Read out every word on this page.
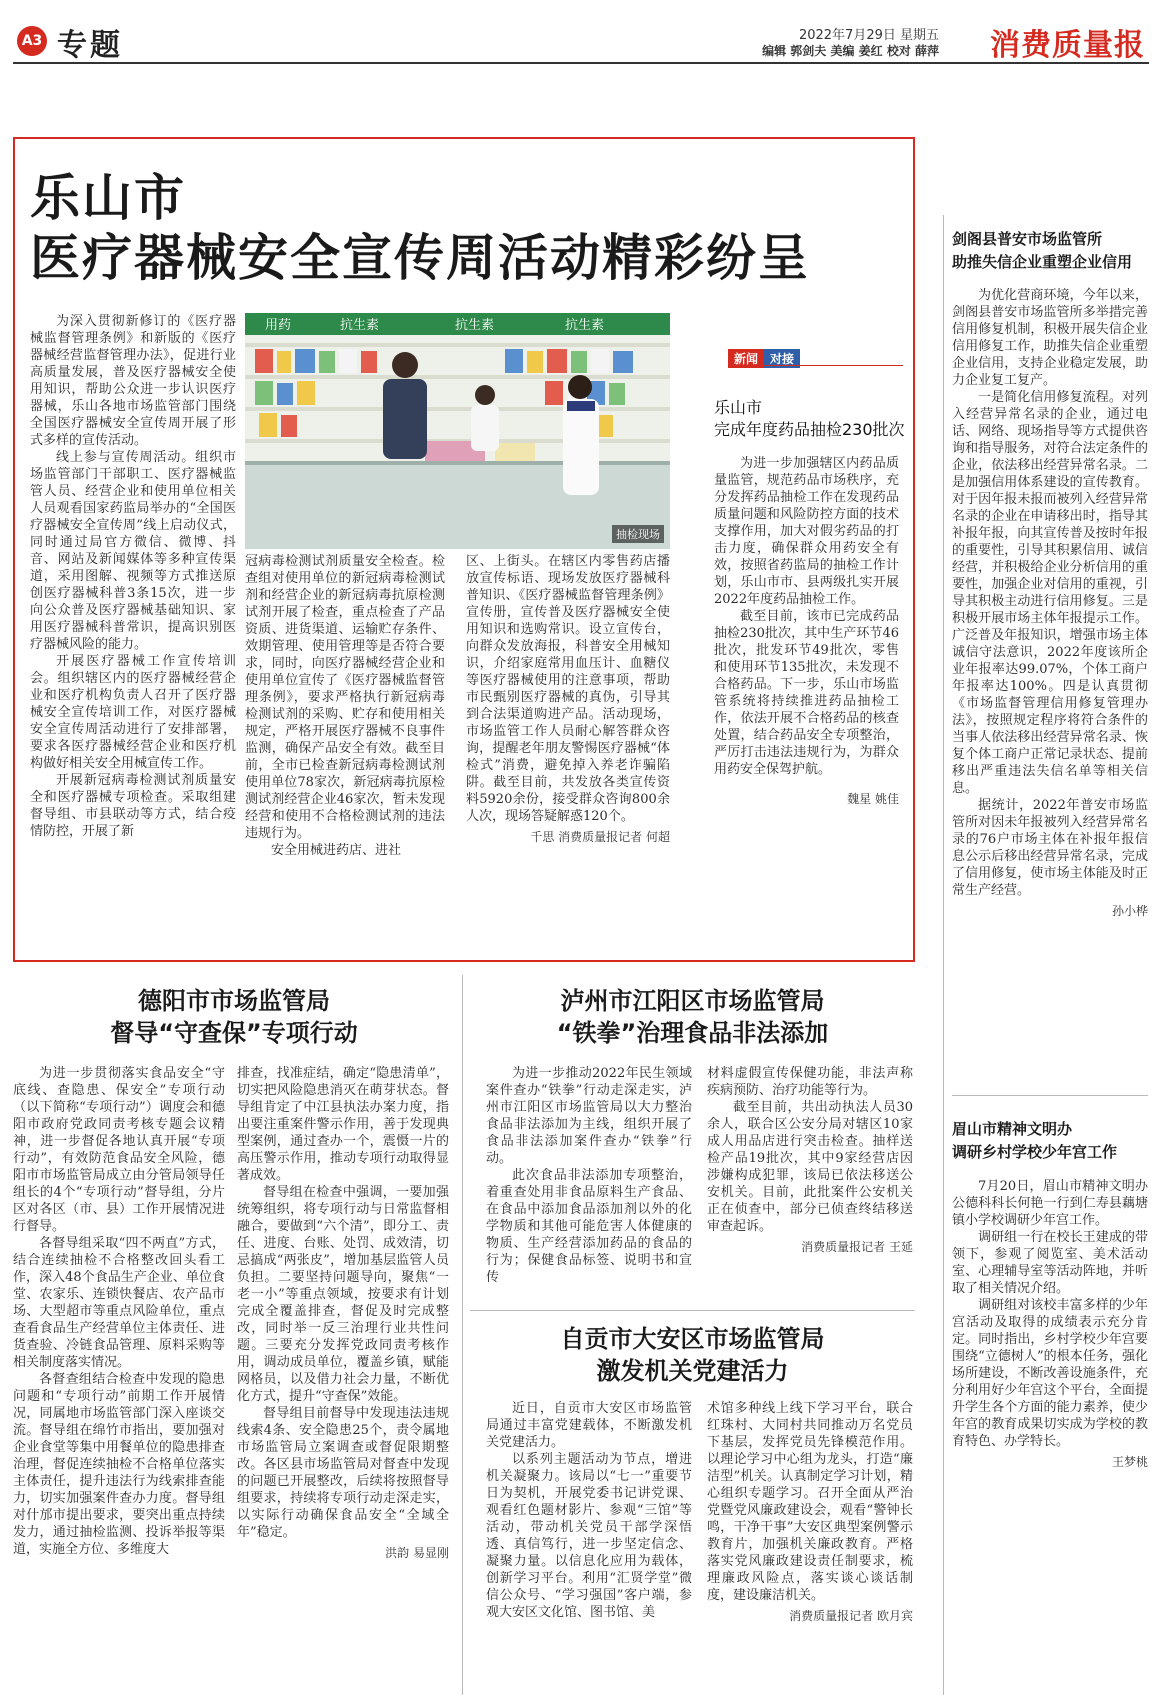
A3 专题	2022年7月29日 星期五
编辑 郭剑夫 美编 姜红 校对 薛萍 消费质量报
乐山市
医疗器械安全宣传周活动精彩纷呈

为深入贯彻新修订的《医疗器械监督管理条例》和新版的《医疗器械经营监督管理办法》，促进行业高质量发展，普及医疗器械安全使用知识，帮助公众进一步认识医疗器械，乐山各地市场监管部门围绕全国医疗器械安全宣传周开展了形式多样的宣传活动。

线上参与宣传周活动。组织市场监管部门干部职工、医疗器械监管人员、经营企业和使用单位相关人员观看国家药监局举办的“全国医疗器械安全宣传周”线上启动仪式，同时通过局官方微信、微博、抖音、网站及新闻媒体等多种宣传渠道，采用图解、视频等方式推送原创医疗器械科普3条15次，进一步向公众普及医疗器械基础知识、家用医疗器械科普常识，提高识别医疗器械风险的能力。

开展医疗器械工作宣传培训会。组织辖区内的医疗器械经营企业和医疗机构负责人召开了医疗器械安全宣传培训工作，对医疗器械安全宣传周活动进行了安排部署，要求各医疗器械经营企业和医疗机构做好相关安全用械宣传工作。

开展新冠病毒检测试剂质量安全和医疗器械专项检查。采取组建督导组、市县联动等方式，结合疫情防控，开展了新

用药	抗生素	抗生素	抗生素
抽检现场

冠病毒检测试剂质量安全检查。检查组对使用单位的新冠病毒检测试剂和经营企业的新冠病毒抗原检测试剂开展了检查，重点检查了产品资质、进货渠道、运输贮存条件、效期管理、使用管理等是否符合要求，同时，向医疗器械经营企业和使用单位宣传了《医疗器械监督管理条例》，要求严格执行新冠病毒检测试剂的采购、贮存和使用相关规定，严格开展医疗器械不良事件监测，确保产品安全有效。截至目前，全市已检查新冠病毒检测试剂使用单位78家次，新冠病毒抗原检测试剂经营企业46家次，暂未发现经营和使用不合格检测试剂的违法违规行为。

安全用械进药店、进社

区、上街头。在辖区内零售药店播放宣传标语、现场发放医疗器械科普知识、《医疗器械监督管理条例》宣传册，宣传普及医疗器械安全使用知识和选购常识。设立宣传台，向群众发放海报，科普安全用械知识，介绍家庭常用血压计、血糖仪等医疗器械使用的注意事项，帮助市民甄别医疗器械的真伪，引导其到合法渠道购进产品。活动现场，市场监管工作人员耐心解答群众咨询，提醒老年朋友警惕医疗器械“体检式”消费，避免掉入养老诈骗陷阱。截至目前，共发放各类宣传资料5920余份，接受群众咨询800余人次，现场答疑解惑120个。

千思 消费质量报记者 何超
新闻 对接
乐山市
完成年度药品抽检230批次

为进一步加强辖区内药品质量监管，规范药品市场秩序，充分发挥药品抽检工作在发现药品质量问题和风险防控方面的技术支撑作用，加大对假劣药品的打击力度，确保群众用药安全有效，按照省药监局的抽检工作计划，乐山市市、县两级扎实开展2022年度药品抽检工作。

截至目前，该市已完成药品抽检230批次，其中生产环节46批次，批发环节49批次，零售和使用环节135批次，未发现不合格药品。下一步，乐山市场监管系统将持续推进药品抽检工作，依法开展不合格药品的核查处置，结合药品安全专项整治，严厉打击违法违规行为，为群众用药安全保驾护航。

魏星 姚佳
剑阁县普安市场监管所
助推失信企业重塑企业信用

为优化营商环境，今年以来，剑阁县普安市场监管所多举措完善信用修复机制，积极开展失信企业信用修复工作，助推失信企业重塑企业信用，支持企业稳定发展，助力企业复工复产。

一是简化信用修复流程。对列入经营异常名录的企业，通过电话、网络、现场指导等方式提供咨询和指导服务，对符合法定条件的企业，依法移出经营异常名录。二是加强信用体系建设的宣传教育。对于因年报未报而被列入经营异常名录的企业在申请移出时，指导其补报年报，向其宣传普及按时年报的重要性，引导其积累信用、诚信经营，并积极给企业分析信用的重要性，加强企业对信用的重视，引导其积极主动进行信用修复。三是积极开展市场主体年报提示工作。广泛普及年报知识，增强市场主体诚信守法意识，2022年度该所企业年报率达99.07%，个体工商户年报率达100%。四是认真贯彻《市场监督管理信用修复管理办法》，按照规定程序将符合条件的当事人依法移出经营异常名录、恢复个体工商户正常记录状态、提前移出严重违法失信名单等相关信息。

据统计，2022年普安市场监管所对因未年报被列入经营异常名录的76户市场主体在补报年报信息公示后移出经营异常名录，完成了信用修复，使市场主体能及时正常生产经营。

孙小桦
眉山市精神文明办
调研乡村学校少年宫工作

7月20日，眉山市精神文明办公德科科长何艳一行到仁寿县藕塘镇小学校调研少年宫工作。

调研组一行在校长王建成的带领下，参观了阅览室、美术活动室、心理辅导室等活动阵地，并听取了相关情况介绍。

调研组对该校丰富多样的少年宫活动及取得的成绩表示充分肯定。同时指出，乡村学校少年宫要围绕“立德树人”的根本任务，强化场所建设，不断改善设施条件，充分利用好少年宫这个平台，全面提升学生各个方面的能力素养，使少年宫的教育成果切实成为学校的教育特色、办学特长。

王梦桃
德阳市市场监管局
督导“守查保”专项行动

为进一步贯彻落实食品安全“守底线、查隐患、保安全”专项行动（以下简称“专项行动”）调度会和德阳市政府党政同责考核专题会议精神，进一步督促各地认真开展“专项行动”，有效防范食品安全风险，德阳市市场监管局成立由分管局领导任组长的4个“专项行动”督导组，分片区对各区（市、县）工作开展情况进行督导。

各督导组采取“四不两直”方式，结合连续抽检不合格整改回头看工作，深入48个食品生产企业、单位食堂、农家乐、连锁快餐店、农产品市场、大型超市等重点风险单位，重点查看食品生产经营单位主体责任、进货查验、冷链食品管理、原料采购等相关制度落实情况。

各督查组结合检查中发现的隐患问题和“专项行动”前期工作开展情况，同属地市场监管部门深入座谈交流。督导组在绵竹市指出，要加强对企业食堂等集中用餐单位的隐患排查治理，督促连续抽检不合格单位落实主体责任，提升违法行为线索排查能力，切实加强案件查办力度。督导组对什邡市提出要求，要突出重点持续发力，通过抽检监测、投诉举报等渠道，实施全方位、多维度大

排查，找准症结，确定“隐患清单”，切实把风险隐患消灭在萌芽状态。督导组肯定了中江县执法办案力度，指出要注重案件警示作用，善于发现典型案例，通过查办一个，震慑一片的高压警示作用，推动专项行动取得显著成效。

督导组在检查中强调，一要加强统筹组织，将专项行动与日常监督相融合，要做到“六个清”，即分工、责任、进度、台账、处罚、成效清，切忌搞成“两张皮”，增加基层监管人员负担。二要坚持问题导向，聚焦“一老一小”等重点领域，按要求有计划完成全覆盖排查，督促及时完成整改，同时举一反三治理行业共性问题。三要充分发挥党政同责考核作用，调动成员单位，覆盖乡镇，赋能网格员，以及借力社会力量，不断优化方式，提升“守查保”效能。

督导组目前督导中发现违法违规线索4条、安全隐患25个，责令属地市场监管局立案调查或督促限期整改。各区县市场监管局对督查中发现的问题已开展整改，后续将按照督导组要求，持续将专项行动走深走实，以实际行动确保食品安全“全域全年”稳定。

洪韵 易显刚
泸州市江阳区市场监管局
“铁拳”治理食品非法添加

为进一步推动2022年民生领域案件查办“铁拳”行动走深走实，泸州市江阳区市场监管局以大力整治食品非法添加为主线，组织开展了食品非法添加案件查办“铁拳”行动。

此次食品非法添加专项整治，着重查处用非食品原料生产食品、在食品中添加食品添加剂以外的化学物质和其他可能危害人体健康的物质、生产经营添加药品的食品的行为；保健食品标签、说明书和宣传

材料虚假宣传保健功能，非法声称疾病预防、治疗功能等行为。

截至目前，共出动执法人员30余人，联合区公安分局对辖区10家成人用品店进行突击检查。抽样送检产品19批次，其中9家经营店因涉嫌构成犯罪，该局已依法移送公安机关。目前，此批案件公安机关正在侦查中，部分已侦查终结移送审查起诉。

消费质量报记者 王延
自贡市大安区市场监管局
激发机关党建活力

近日，自贡市大安区市场监管局通过丰富党建载体，不断激发机关党建活力。

以系列主题活动为节点，增进机关凝聚力。该局以“七一”重要节日为契机，开展党委书记讲党课、观看红色题材影片、参观“三馆”等活动，带动机关党员干部学深悟透、真信笃行，进一步坚定信念、凝聚力量。以信息化应用为载体，创新学习平台。利用“汇贤学堂”微信公众号、“学习强国”客户端，参观大安区文化馆、图书馆、美

术馆多种线上线下学习平台，联合红珠村、大同村共同推动万名党员下基层，发挥党员先锋模范作用。以理论学习中心组为龙头，打造“廉洁型”机关。认真制定学习计划，精心组织专题学习。召开全面从严治党暨党风廉政建设会，观看“警钟长鸣，干净干事”大安区典型案例警示教育片，加强机关廉政教育。严格落实党风廉政建设责任制要求，梳理廉政风险点，落实谈心谈话制度，建设廉洁机关。

消费质量报记者 欧月宾
